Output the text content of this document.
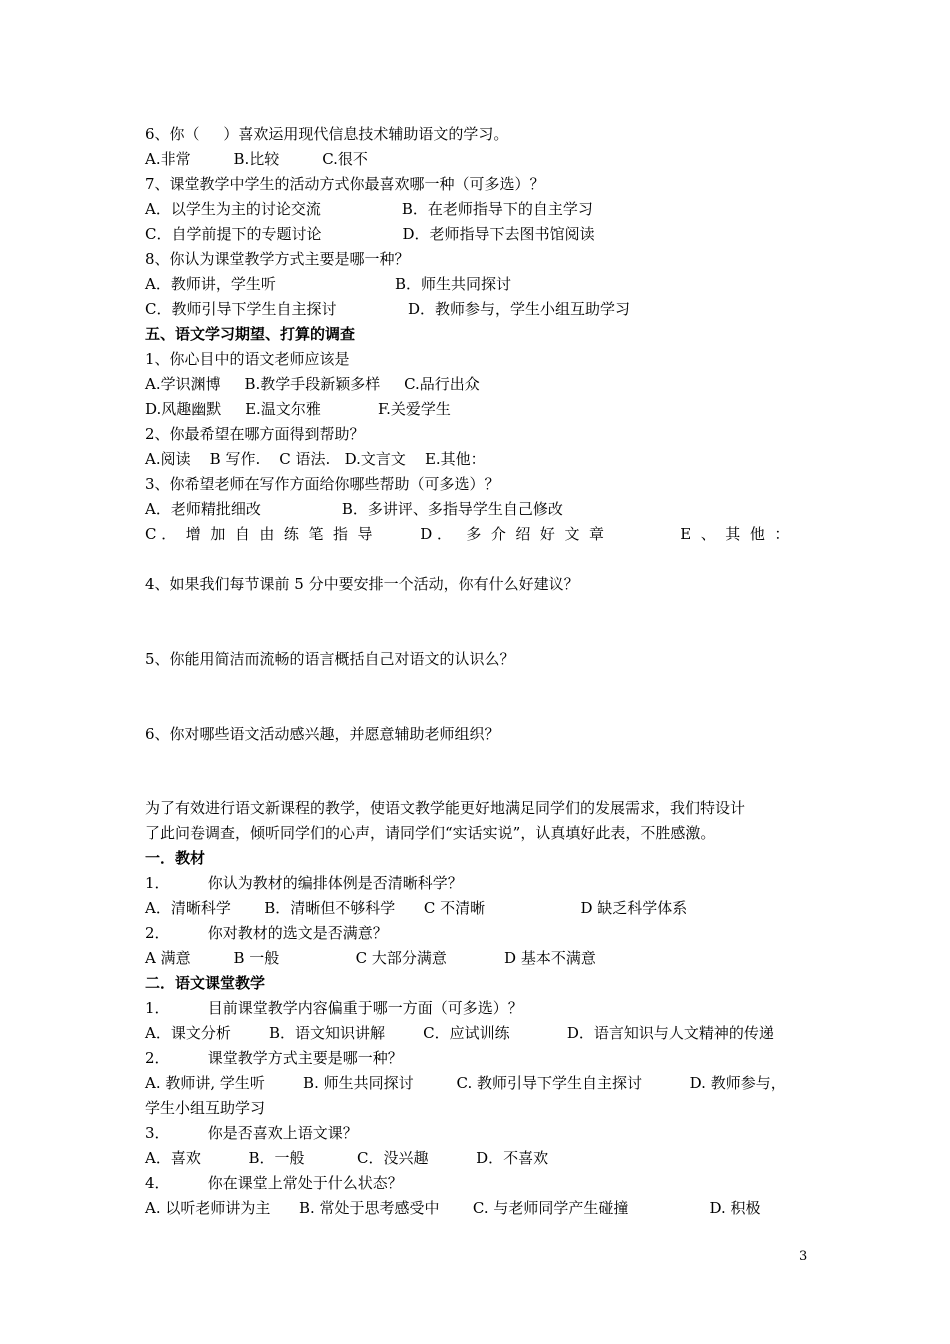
6、你（     ）喜欢运用现代信息技术辅助语文的学习。
A.非常         B.比较         C.很不
7、课堂教学中学生的活动方式你最喜欢哪一种（可多选）？
A．以学生为主的讨论交流                 B．在老师指导下的自主学习
C．自学前提下的专题讨论                 D．老师指导下去图书馆阅读
8、你认为课堂教学方式主要是哪一种？
A．教师讲，学生听                         B．师生共同探讨
C．教师引导下学生自主探讨               D．教师参与，学生小组互助学习
五、语文学习期望、打算的调查
1、你心目中的语文老师应该是
A.学识渊博     B.教学手段新颖多样     C.品行出众
D.风趣幽默     E.温文尔雅            F.关爱学生
2、你最希望在哪方面得到帮助？
A.阅读    B 写作.    C 语法.   D.文言文    E.其他：
3、你希望老师在写作方面给你哪些帮助（可多选）？
A．老师精批细改                 B．多讲评、多指导学生自己修改
C ．  增  加  自  由  练  笔  指  导          D ．   多  介  绍  好  文  章                E  、  其  他  ：
4、如果我们每节课前 5 分中要安排一个活动，你有什么好建议？
5、你能用简洁而流畅的语言概括自己对语文的认识么？
6、你对哪些语文活动感兴趣，并愿意辅助老师组织？
为了有效进行语文新课程的教学，使语文教学能更好地满足同学们的发展需求，我们特设计
了此问卷调查，倾听同学们的心声，请同学们“实话实说”，认真填好此表，不胜感激。
一．教材
1．        你认为教材的编排体例是否清晰科学？
A．清晰科学       B．清晰但不够科学      C 不清晰                    D 缺乏科学体系
2．        你对教材的选文是否满意？
A 满意         B 一般                C 大部分满意            D 基本不满意
二．语文课堂教学
1．        目前课堂教学内容偏重于哪一方面（可多选）？
A．课文分析        B．语文知识讲解        C．应试训练            D．语言知识与人文精神的传递
2．        课堂教学方式主要是哪一种？
A. 教师讲, 学生听        B. 师生共同探讨         C. 教师引导下学生自主探讨          D. 教师参与，
学生小组互助学习
3．        你是否喜欢上语文课？
A．喜欢          B．一般           C．没兴趣          D．不喜欢
4．        你在课堂上常处于什么状态？
A. 以听老师讲为主      B. 常处于思考感受中       C. 与老师同学产生碰撞                 D. 积极
3
